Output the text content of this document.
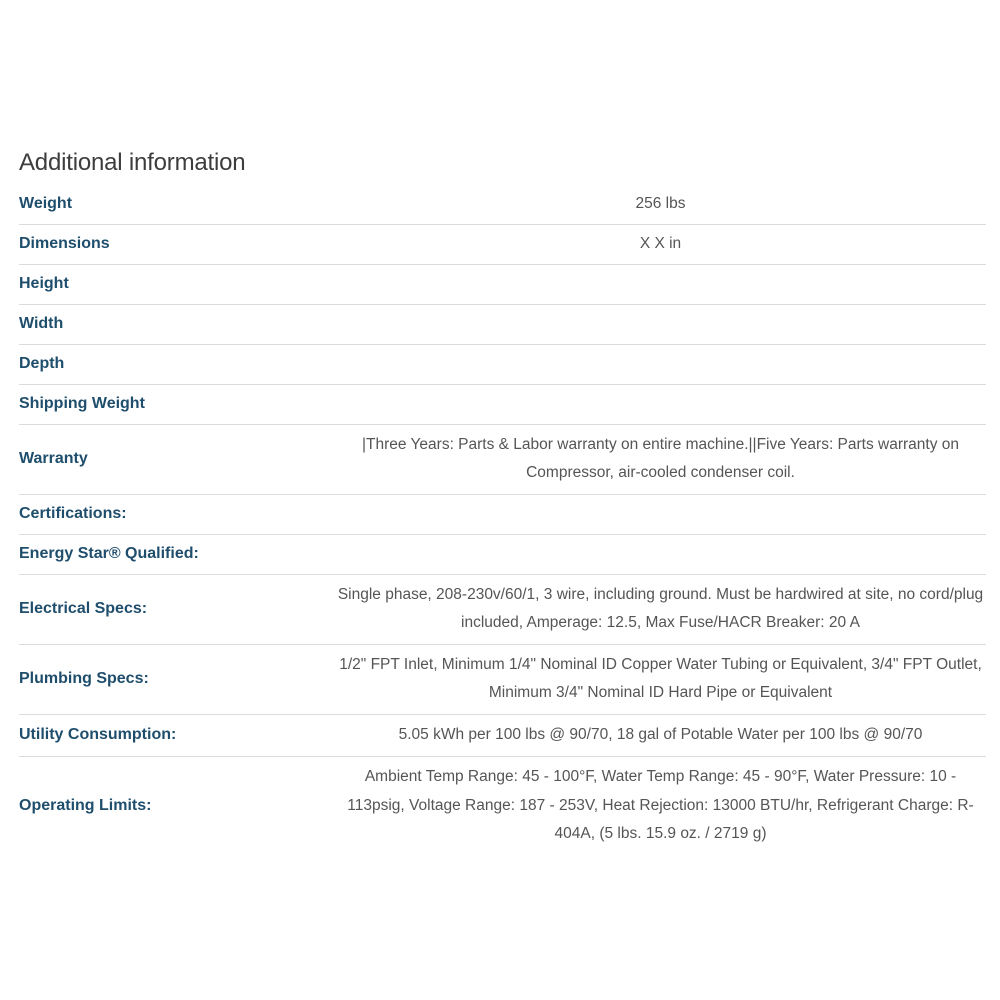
Additional information
Weight	256 lbs
Dimensions	X X in
Height	
Width	
Depth	
Shipping Weight	
Warranty	|Three Years: Parts & Labor warranty on entire machine.||Five Years: Parts warranty on Compressor, air-cooled condenser coil.
Certifications:	
Energy Star® Qualified:	
Electrical Specs:	Single phase, 208-230v/60/1, 3 wire, including ground. Must be hardwired at site, no cord/plug included, Amperage: 12.5, Max Fuse/HACR Breaker: 20 A
Plumbing Specs:	1/2" FPT Inlet, Minimum 1/4" Nominal ID Copper Water Tubing or Equivalent, 3/4" FPT Outlet, Minimum 3/4" Nominal ID Hard Pipe or Equivalent
Utility Consumption:	5.05 kWh per 100 lbs @ 90/70, 18 gal of Potable Water per 100 lbs @ 90/70
Operating Limits:	Ambient Temp Range: 45 - 100°F, Water Temp Range: 45 - 90°F, Water Pressure: 10 - 113psig, Voltage Range: 187 - 253V, Heat Rejection: 13000 BTU/hr, Refrigerant Charge: R-404A, (5 lbs. 15.9 oz. / 2719 g)
